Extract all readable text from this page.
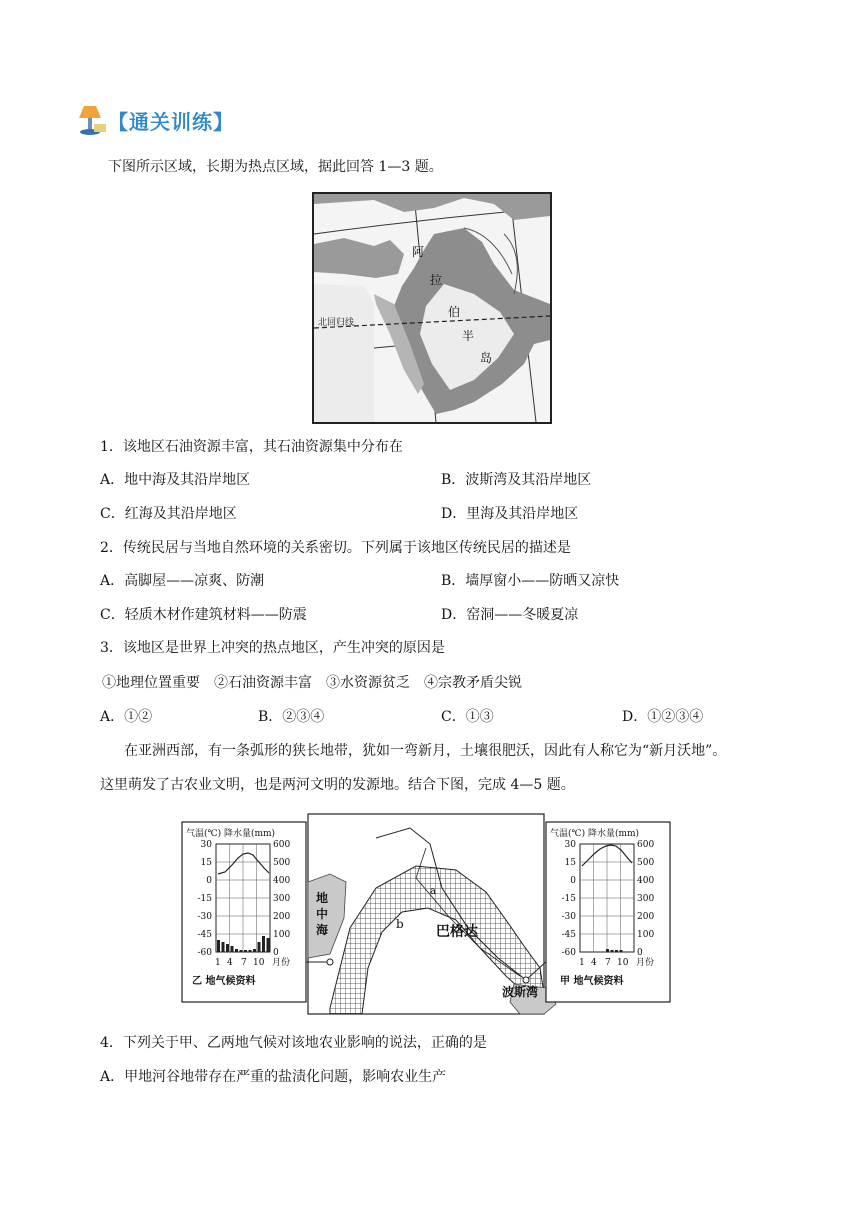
【通关训练】
下图所示区域，长期为热点区域，据此回答 1—3 题。
北回归线
阿
拉
伯
半
岛
1．该地区石油资源丰富，其石油资源集中分布在
A．地中海及其沿岸地区	B．波斯湾及其沿岸地区
C．红海及其沿岸地区	D．里海及其沿岸地区
2．传统民居与当地自然环境的关系密切。下列属于该地区传统民居的描述是
A．高脚屋——凉爽、防潮	B．墙厚窗小——防晒又凉快
C．轻质木材作建筑材料——防震	D．窑洞——冬暖夏凉
3．该地区是世界上冲突的热点地区，产生冲突的原因是
①地理位置重要　②石油资源丰富　③水资源贫乏　④宗教矛盾尖锐
A．①②	B．②③④	C．①③	D．①②③④
在亚洲西部，有一条弧形的狭长地带，犹如一弯新月，土壤很肥沃，因此有人称它为“新月沃地”。
这里萌发了古农业文明，也是两河文明的发源地。结合下图，完成 4—5 题。
地
中
海	b
a
巴格达
波斯湾
气温(℃) 降水量(mm)
30
15
0
-15
-30
-45
-60
600
500
400
300
200
100
0
1 4 7 10 月份
乙 地气候资料
气温(℃) 降水量(mm)
30
15
0
-15
-30
-45
-60
600
500
400
300
200
100
0
1 4 7 10 月份
甲 地气候资料
4．下列关于甲、乙两地气候对该地农业影响的说法，正确的是
A．甲地河谷地带存在严重的盐渍化问题，影响农业生产
